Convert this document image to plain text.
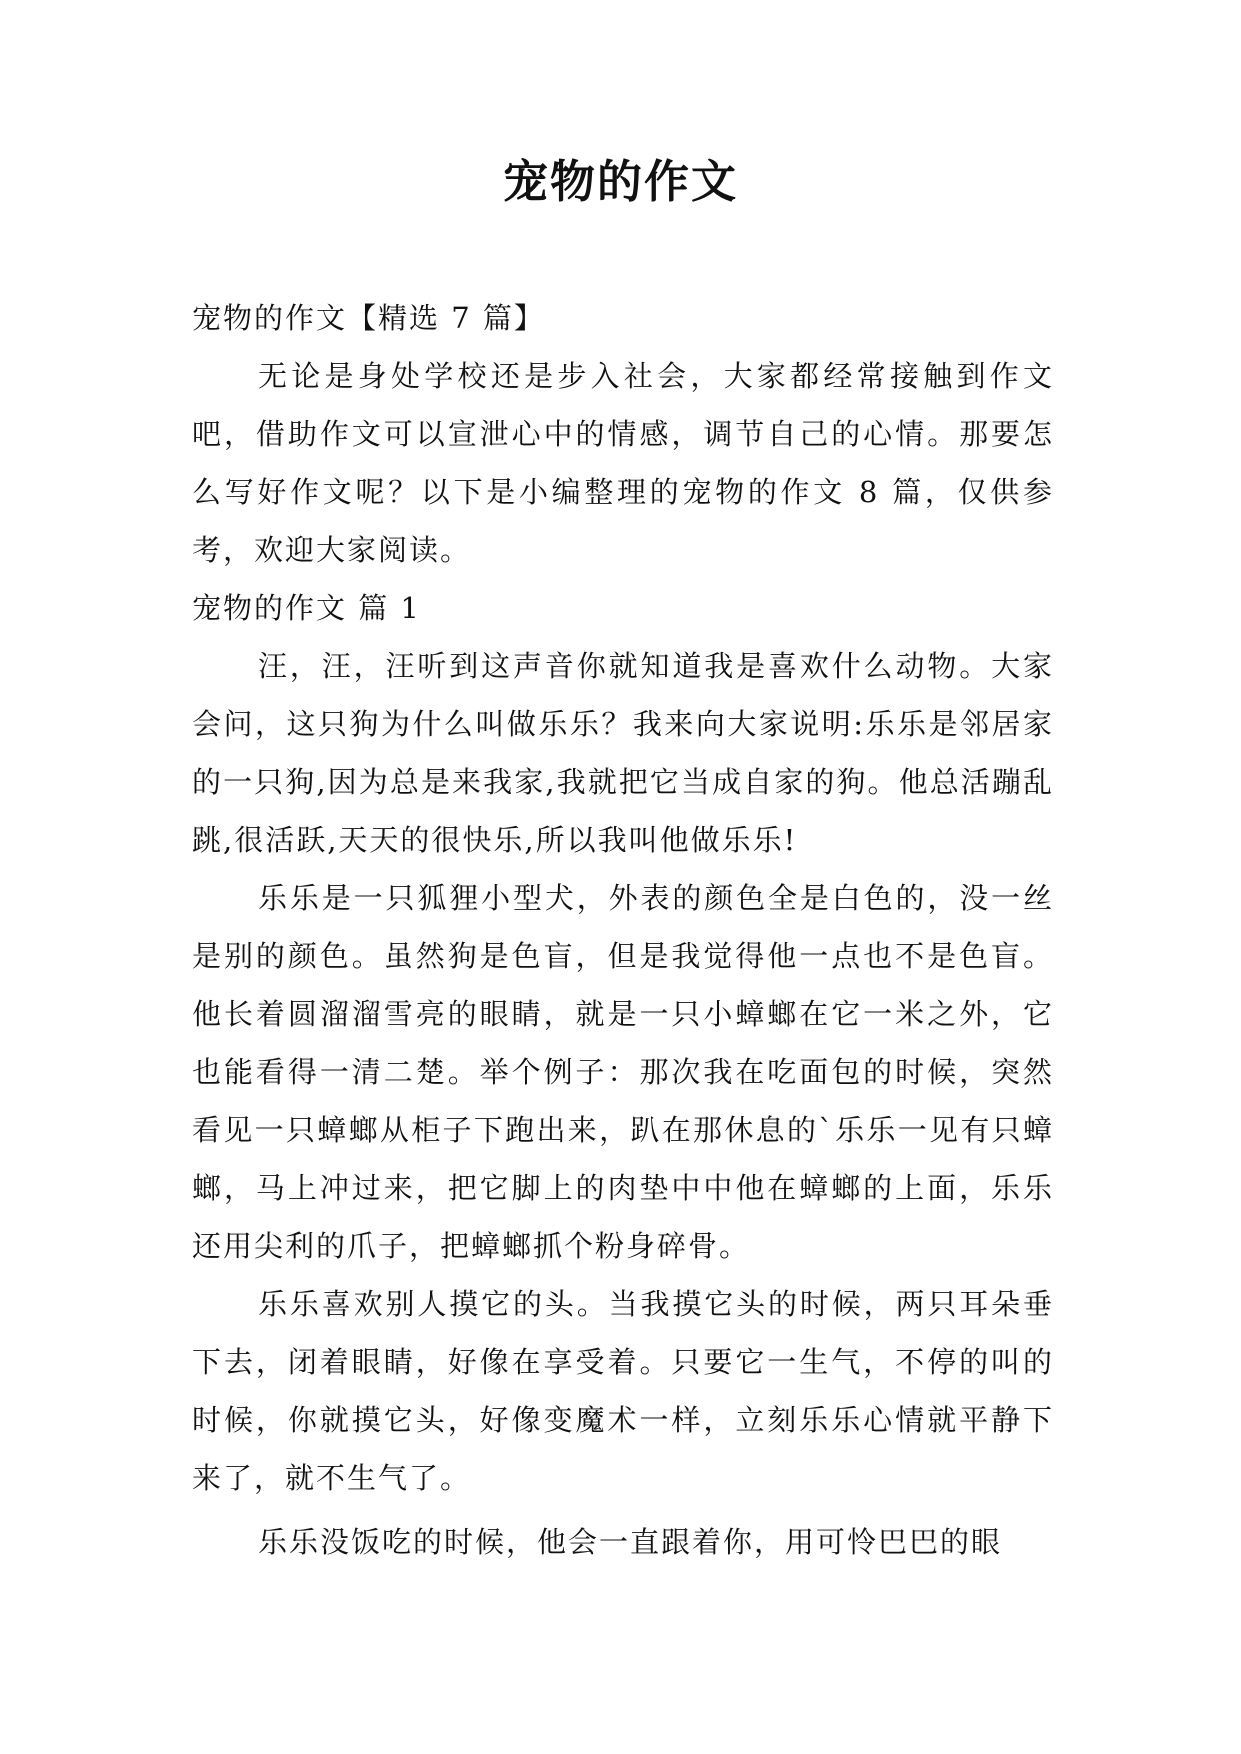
宠物的作文

宠物的作文【精选 7 篇】

无论是身处学校还是步入社会，大家都经常接触到作文吧，借助作文可以宣泄心中的情感，调节自己的心情。那要怎么写好作文呢？以下是小编整理的宠物的作文 8 篇，仅供参考，欢迎大家阅读。

宠物的作文 篇 1

汪，汪，汪听到这声音你就知道我是喜欢什么动物。大家会问，这只狗为什么叫做乐乐？我来向大家说明:乐乐是邻居家的一只狗,因为总是来我家,我就把它当成自家的狗。他总活蹦乱跳,很活跃,天天的很快乐,所以我叫他做乐乐!

乐乐是一只狐狸小型犬，外表的颜色全是白色的，没一丝是别的颜色。虽然狗是色盲，但是我觉得他一点也不是色盲。他长着圆溜溜雪亮的眼睛，就是一只小蟑螂在它一米之外，它也能看得一清二楚。举个例子：那次我在吃面包的时候，突然看见一只蟑螂从柜子下跑出来，趴在那休息的`乐乐一见有只蟑螂，马上冲过来，把它脚上的肉垫中中他在蟑螂的上面，乐乐还用尖利的爪子，把蟑螂抓个粉身碎骨。

乐乐喜欢别人摸它的头。当我摸它头的时候，两只耳朵垂下去，闭着眼睛，好像在享受着。只要它一生气，不停的叫的时候，你就摸它头，好像变魔术一样，立刻乐乐心情就平静下来了，就不生气了。

乐乐没饭吃的时候，他会一直跟着你，用可怜巴巴的眼
